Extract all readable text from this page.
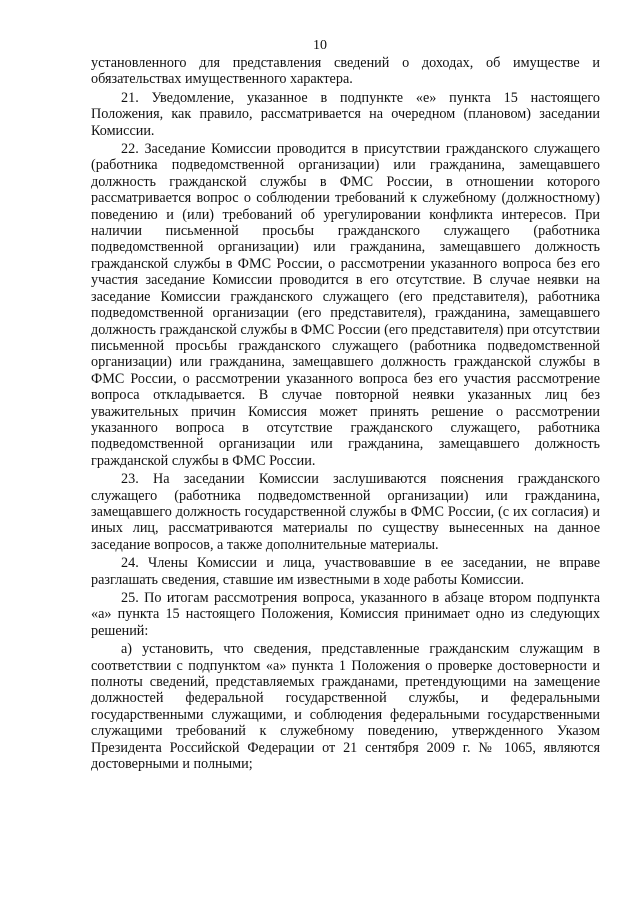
10

установленного для представления сведений о доходах, об имуществе и обязательствах имущественного характера.

21. Уведомление, указанное в подпункте «е» пункта 15 настоящего Положения, как правило, рассматривается на очередном (плановом) заседании Комиссии.

22. Заседание Комиссии проводится в присутствии гражданского служащего (работника подведомственной организации) или гражданина, замещавшего должность гражданской службы в ФМС России, в отношении которого рассматривается вопрос о соблюдении требований к служебному (должностному) поведению и (или) требований об урегулировании конфликта интересов. При наличии письменной просьбы гражданского служащего (работника подведомственной организации) или гражданина, замещавшего должность гражданской службы в ФМС России, о рассмотрении указанного вопроса без его участия заседание Комиссии проводится в его отсутствие. В случае неявки на заседание Комиссии гражданского служащего (его представителя), работника подведомственной организации (его представителя), гражданина, замещавшего должность гражданской службы в ФМС России (его представителя) при отсутствии письменной просьбы гражданского служащего (работника подведомственной организации) или гражданина, замещавшего должность гражданской службы в ФМС России, о рассмотрении указанного вопроса без его участия рассмотрение вопроса откладывается. В случае повторной неявки указанных лиц без уважительных причин Комиссия может принять решение о рассмотрении указанного вопроса в отсутствие гражданского служащего, работника подведомственной организации или гражданина, замещавшего должность гражданской службы в ФМС России.

23. На заседании Комиссии заслушиваются пояснения гражданского служащего (работника подведомственной организации) или гражданина, замещавшего должность государственной службы в ФМС России, (с их согласия) и иных лиц, рассматриваются материалы по существу вынесенных на данное заседание вопросов, а также дополнительные материалы.

24. Члены Комиссии и лица, участвовавшие в ее заседании, не вправе разглашать сведения, ставшие им известными в ходе работы Комиссии.

25. По итогам рассмотрения вопроса, указанного в абзаце втором подпункта «а» пункта 15 настоящего Положения, Комиссия принимает одно из следующих решений:

а) установить, что сведения, представленные гражданским служащим в соответствии с подпунктом «а» пункта 1 Положения о проверке достоверности и полноты сведений, представляемых гражданами, претендующими на замещение должностей федеральной государственной службы, и федеральными государственными служащими, и соблюдения федеральными государственными служащими требований к служебному поведению, утвержденного Указом Президента Российской Федерации от 21 сентября 2009 г. № 1065, являются достоверными и полными;
